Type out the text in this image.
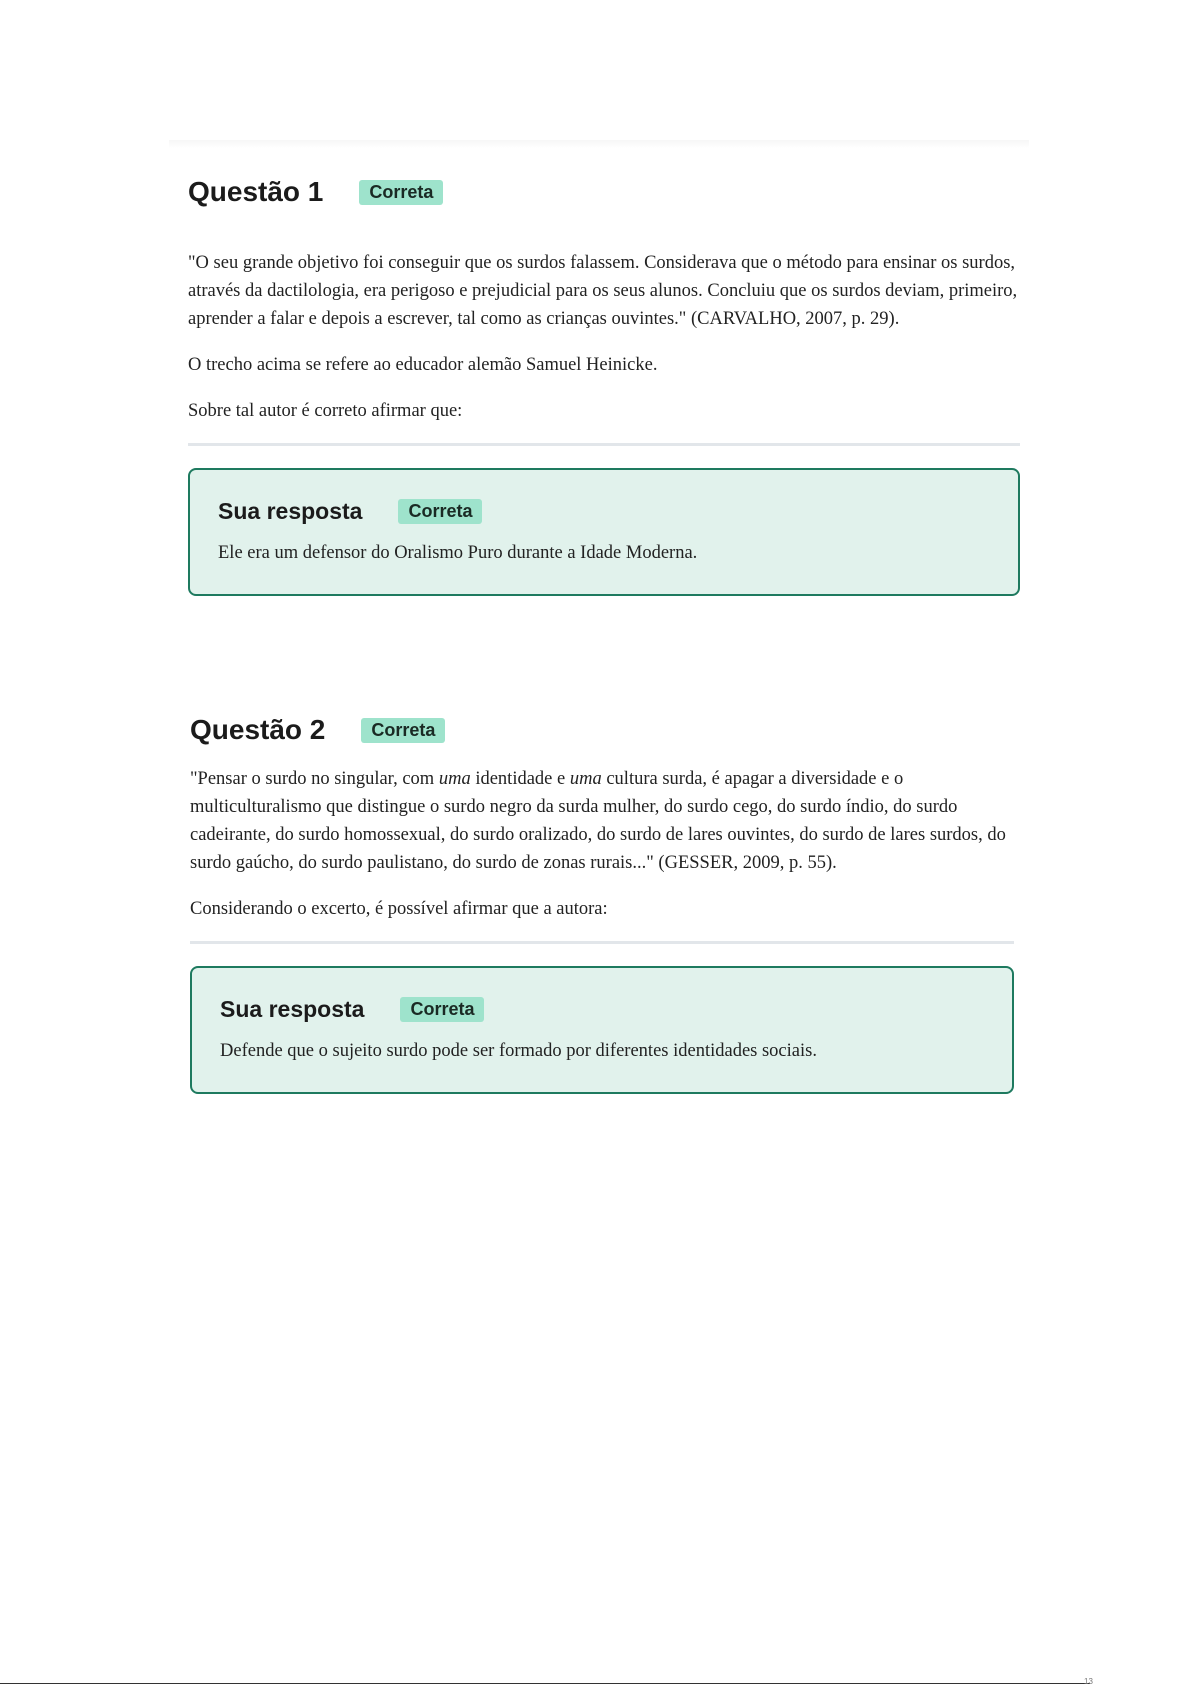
Questão 1	Correta

"O seu grande objetivo foi conseguir que os surdos falassem. Considerava que o método para ensinar os surdos, através da dactilologia, era perigoso e prejudicial para os seus alunos. Concluiu que os surdos deviam, primeiro, aprender a falar e depois a escrever, tal como as crianças ouvintes." (CARVALHO, 2007, p. 29).

O trecho acima se refere ao educador alemão Samuel Heinicke.

Sobre tal autor é correto afirmar que:

Sua resposta	Correta
Ele era um defensor do Oralismo Puro durante a Idade Moderna.
Questão 2	Correta

"Pensar o surdo no singular, com uma identidade e uma cultura surda, é apagar a diversidade e o multiculturalismo que distingue o surdo negro da surda mulher, do surdo cego, do surdo índio, do surdo cadeirante, do surdo homossexual, do surdo oralizado, do surdo de lares ouvintes, do surdo de lares surdos, do surdo gaúcho, do surdo paulistano, do surdo de zonas rurais..." (GESSER, 2009, p. 55).

Considerando o excerto, é possível afirmar que a autora:

Sua resposta	Correta
Defende que o sujeito surdo pode ser formado por diferentes identidades sociais.
13
